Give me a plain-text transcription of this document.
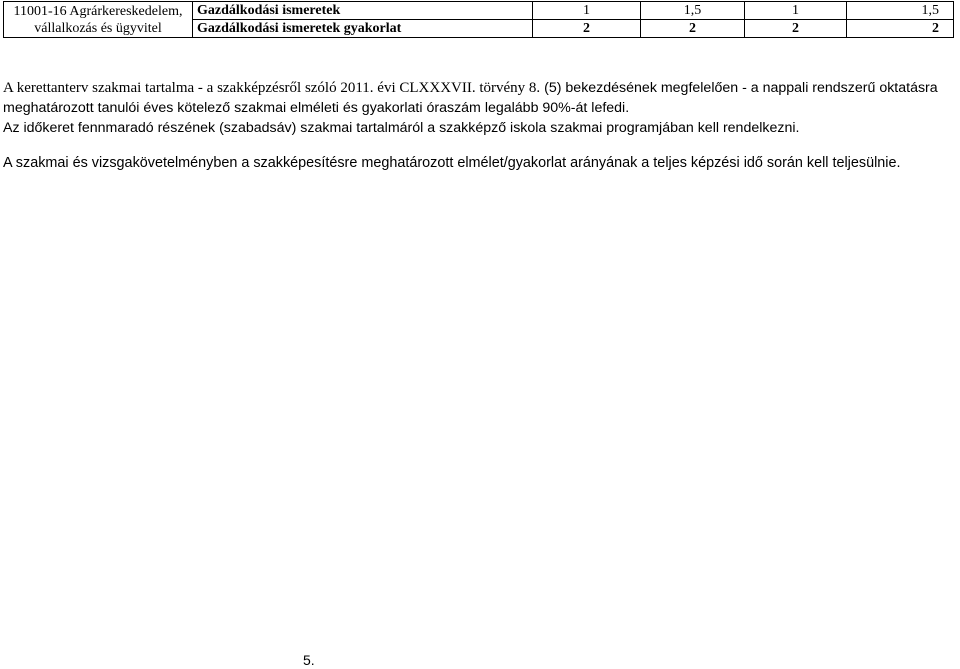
11001-16 Agrárkereskedelem,
vállalkozás és ügyvitel	Gazdálkodási ismeretek	1	1,5	1	1,5
	Gazdálkodási ismeretek gyakorlat	2	2	2	2

A kerettanterv szakmai tartalma - a szakképzésről szóló 2011. évi CLXXXVII. törvény 8. (5) bekezdésének megfelelően - a nappali rendszerű oktatásra meghatározott tanulói éves kötelező szakmai elméleti és gyakorlati óraszám legalább 90%-át lefedi.

Az időkeret fennmaradó részének (szabadsáv) szakmai tartalmáról a szakképző iskola szakmai programjában kell rendelkezni.

A szakmai és vizsgakövetelményben a szakképesítésre meghatározott elmélet/gyakorlat arányának a teljes képzési idő során kell teljesülnie.

5.
